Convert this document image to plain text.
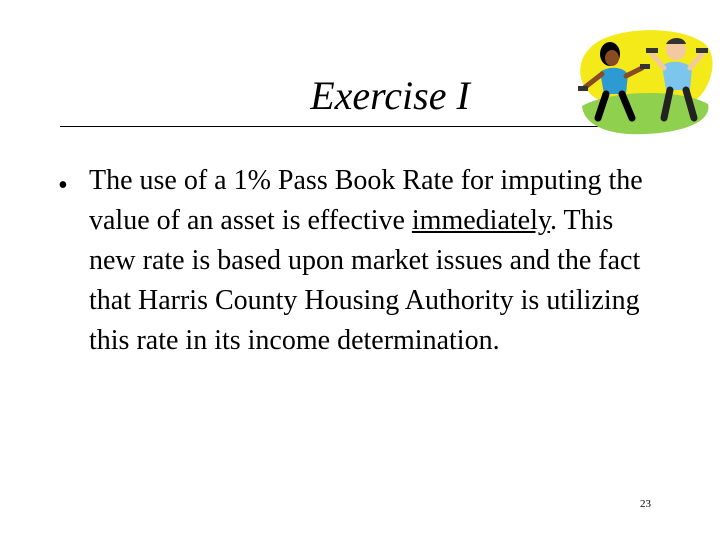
Exercise I
• The use of a 1% Pass Book Rate for imputing the value of an asset is effective immediately. This new rate is based upon market issues and the fact that Harris County Housing Authority is utilizing this rate in its income determination.
23
